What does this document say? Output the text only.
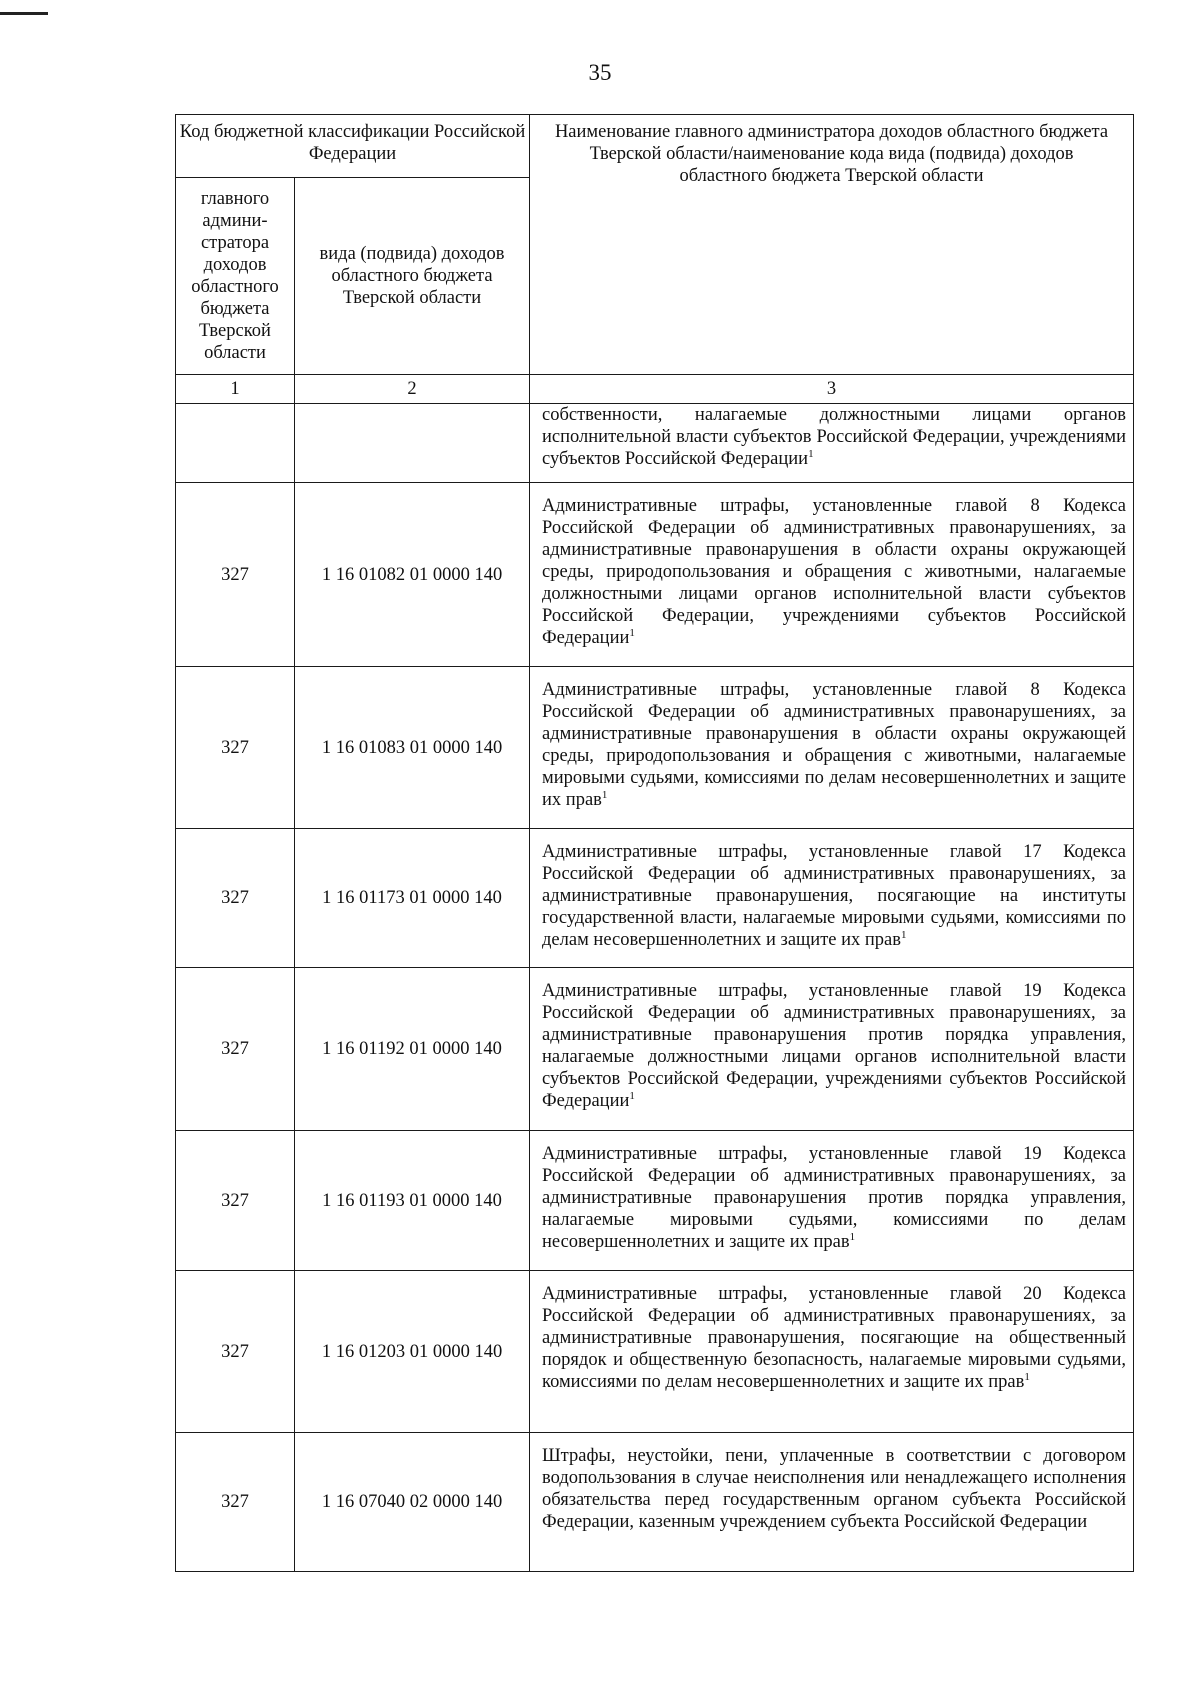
35
Код бюджетной классификации Российской Федерации		Наименование главного администратора доходов областного бюджета Тверской области/наименование кода вида (подвида) доходов областного бюджета Тверской области
главного админи-стратора доходов областного бюджета Тверской области	вида (подвида) доходов областного бюджета Тверской области	
1	2	3
		собственности, налагаемые должностными лицами органов исполнительной власти субъектов Российской Федерации, учреждениями субъектов Российской Федерации$^1$
327	1 16 01082 01 0000 140	Административные штрафы, установленные главой 8 Кодекса Российской Федерации об административных правонарушениях, за административные правонарушения в области охраны окружающей среды, природопользования и обращения с животными, налагаемые должностными лицами органов исполнительной власти субъектов Российской Федерации, учреждениями субъектов Российской Федерации$^1$
327	1 16 01083 01 0000 140	Административные штрафы, установленные главой 8 Кодекса Российской Федерации об административных правонарушениях, за административные правонарушения в области охраны окружающей среды, природопользования и обращения с животными, налагаемые мировыми судьями, комиссиями по делам несовершеннолетних и защите их прав$^1$
327	1 16 01173 01 0000 140	Административные штрафы, установленные главой 17 Кодекса Российской Федерации об административных правонарушениях, за административные правонарушения, посягающие на институты государственной власти, налагаемые мировыми судьями, комиссиями по делам несовершеннолетних и защите их прав$^1$
327	1 16 01192 01 0000 140	Административные штрафы, установленные главой 19 Кодекса Российской Федерации об административных правонарушениях, за административные правонарушения против порядка управления, налагаемые должностными лицами органов исполнительной власти субъектов Российской Федерации, учреждениями субъектов Российской Федерации$^1$
327	1 16 01193 01 0000 140	Административные штрафы, установленные главой 19 Кодекса Российской Федерации об административных правонарушениях, за административные правонарушения против порядка управления, налагаемые мировыми судьями, комиссиями по делам несовершеннолетних и защите их прав$^1$
327	1 16 01203 01 0000 140	Административные штрафы, установленные главой 20 Кодекса Российской Федерации об административных правонарушениях, за административные правонарушения, посягающие на общественный порядок и общественную безопасность, налагаемые мировыми судьями, комиссиями по делам несовершеннолетних и защите их прав$^1$
327	1 16 07040 02 0000 140	Штрафы, неустойки, пени, уплаченные в соответствии с договором водопользования в случае неисполнения или ненадлежащего исполнения обязательства перед государственным органом субъекта Российской Федерации, казенным учреждением субъекта Российской Федерации
